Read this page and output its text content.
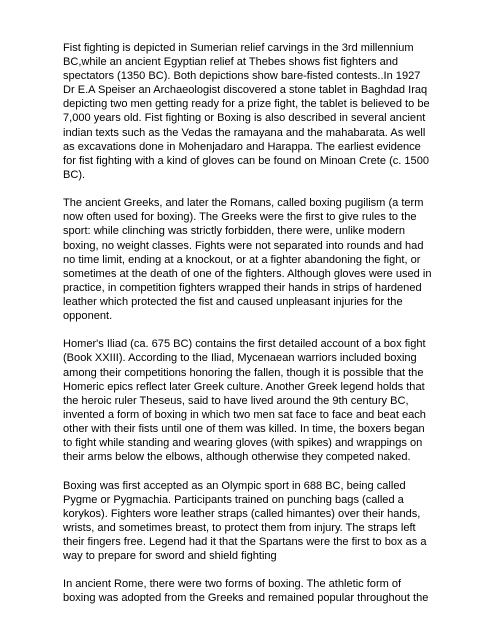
Fist fighting is depicted in Sumerian relief carvings in the 3rd millennium
BC,while an ancient Egyptian relief at Thebes shows fist fighters and
spectators (1350 BC). Both depictions show bare-fisted contests..In 1927
Dr E.A Speiser an Archaeologist discovered a stone tablet in Baghdad Iraq
depicting two men getting ready for a prize fight, the tablet is believed to be
7,000 years old. Fist fighting or Boxing is also described in several ancient
indian texts such as the Vedas the ramayana and the mahabarata. As well
as excavations done in Mohenjadaro and Harappa. The earliest evidence
for fist fighting with a kind of gloves can be found on Minoan Crete (c. 1500
BC).

The ancient Greeks, and later the Romans, called boxing pugilism (a term
now often used for boxing). The Greeks were the first to give rules to the
sport: while clinching was strictly forbidden, there were, unlike modern
boxing, no weight classes. Fights were not separated into rounds and had
no time limit, ending at a knockout, or at a fighter abandoning the fight, or
sometimes at the death of one of the fighters. Although gloves were used in
practice, in competition fighters wrapped their hands in strips of hardened
leather which protected the fist and caused unpleasant injuries for the
opponent.

Homer's Iliad (ca. 675 BC) contains the first detailed account of a box fight
(Book XXIII). According to the Iliad, Mycenaean warriors included boxing
among their competitions honoring the fallen, though it is possible that the
Homeric epics reflect later Greek culture. Another Greek legend holds that
the heroic ruler Theseus, said to have lived around the 9th century BC,
invented a form of boxing in which two men sat face to face and beat each
other with their fists until one of them was killed. In time, the boxers began
to fight while standing and wearing gloves (with spikes) and wrappings on
their arms below the elbows, although otherwise they competed naked.

Boxing was first accepted as an Olympic sport in 688 BC, being called
Pygme or Pygmachia. Participants trained on punching bags (called a
korykos). Fighters wore leather straps (called himantes) over their hands,
wrists, and sometimes breast, to protect them from injury. The straps left
their fingers free. Legend had it that the Spartans were the first to box as a
way to prepare for sword and shield fighting

In ancient Rome, there were two forms of boxing. The athletic form of
boxing was adopted from the Greeks and remained popular throughout the
